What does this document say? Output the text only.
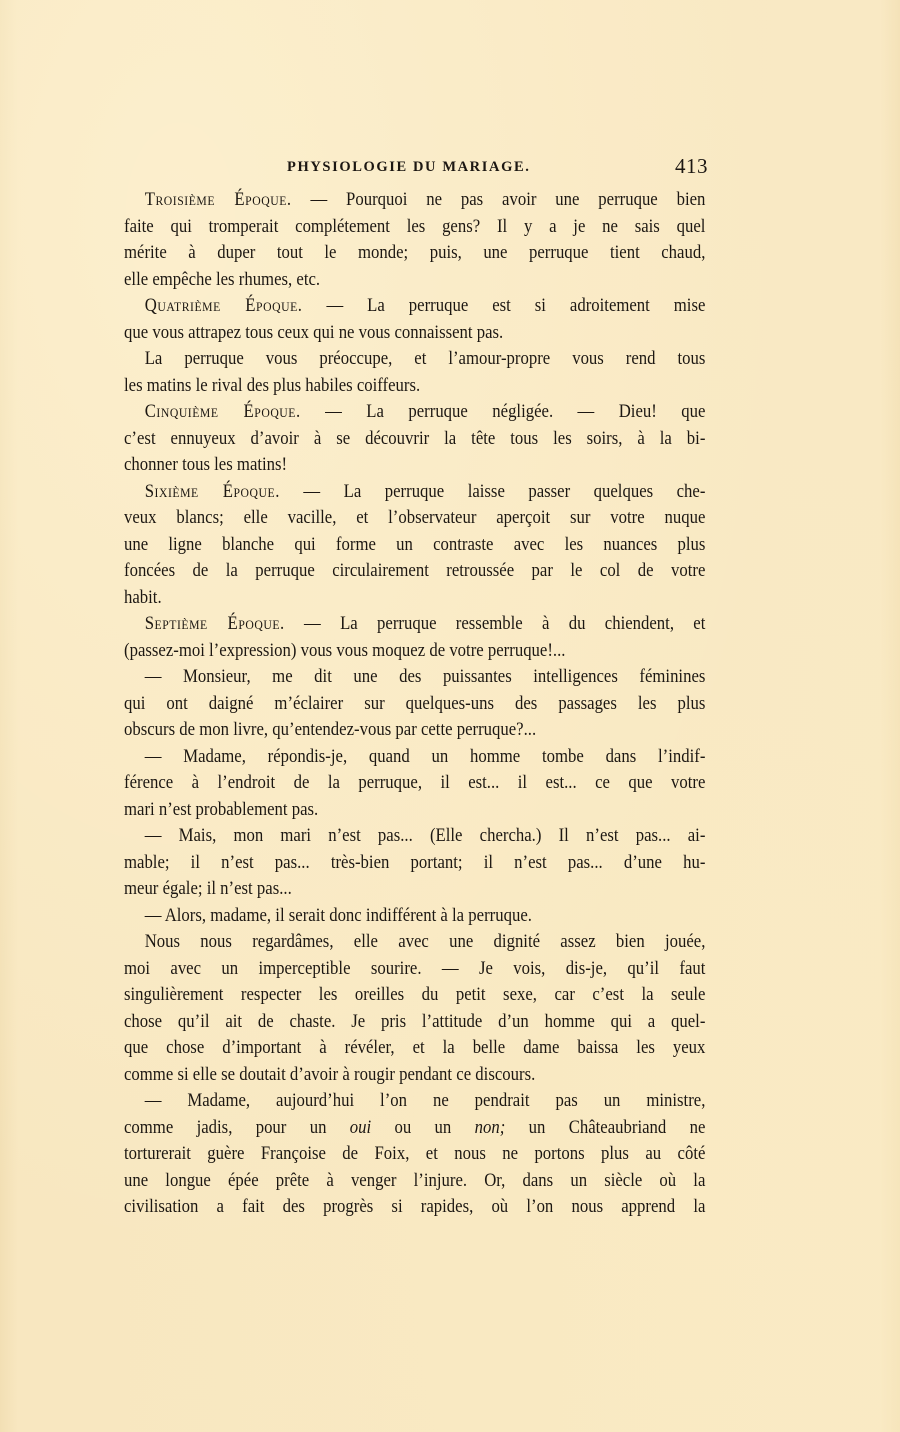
PHYSIOLOGIE DU MARIAGE.	413
Troisième Époque. — Pourquoi ne pas avoir une perruque bien
faite qui tromperait complétement les gens? Il y a je ne sais quel
mérite à duper tout le monde; puis, une perruque tient chaud,
elle empêche les rhumes, etc.
Quatrième Époque. — La perruque est si adroitement mise
que vous attrapez tous ceux qui ne vous connaissent pas.
La perruque vous préoccupe, et l’amour-propre vous rend tous
les matins le rival des plus habiles coiffeurs.
Cinquième Époque. — La perruque négligée. — Dieu! que
c’est ennuyeux d’avoir à se découvrir la tête tous les soirs, à la bi-
chonner tous les matins!
Sixième Époque. — La perruque laisse passer quelques che-
veux blancs; elle vacille, et l’observateur aperçoit sur votre nuque
une ligne blanche qui forme un contraste avec les nuances plus
foncées de la perruque circulairement retroussée par le col de votre
habit.
Septième Époque. — La perruque ressemble à du chiendent, et
(passez-moi l’expression) vous vous moquez de votre perruque!...
— Monsieur, me dit une des puissantes intelligences féminines
qui ont daigné m’éclairer sur quelques-uns des passages les plus
obscurs de mon livre, qu’entendez-vous par cette perruque?...
— Madame, répondis-je, quand un homme tombe dans l’indif-
férence à l’endroit de la perruque, il est... il est... ce que votre
mari n’est probablement pas.
— Mais, mon mari n’est pas... (Elle chercha.) Il n’est pas... ai-
mable; il n’est pas... très-bien portant; il n’est pas... d’une hu-
meur égale; il n’est pas...
— Alors, madame, il serait donc indifférent à la perruque.
Nous nous regardâmes, elle avec une dignité assez bien jouée,
moi avec un imperceptible sourire. — Je vois, dis-je, qu’il faut
singulièrement respecter les oreilles du petit sexe, car c’est la seule
chose qu’il ait de chaste. Je pris l’attitude d’un homme qui a quel-
que chose d’important à révéler, et la belle dame baissa les yeux
comme si elle se doutait d’avoir à rougir pendant ce discours.
— Madame, aujourd’hui l’on ne pendrait pas un ministre,
comme jadis, pour un oui ou un non; un Châteaubriand ne
torturerait guère Françoise de Foix, et nous ne portons plus au côté
une longue épée prête à venger l’injure. Or, dans un siècle où la
civilisation a fait des progrès si rapides, où l’on nous apprend la
